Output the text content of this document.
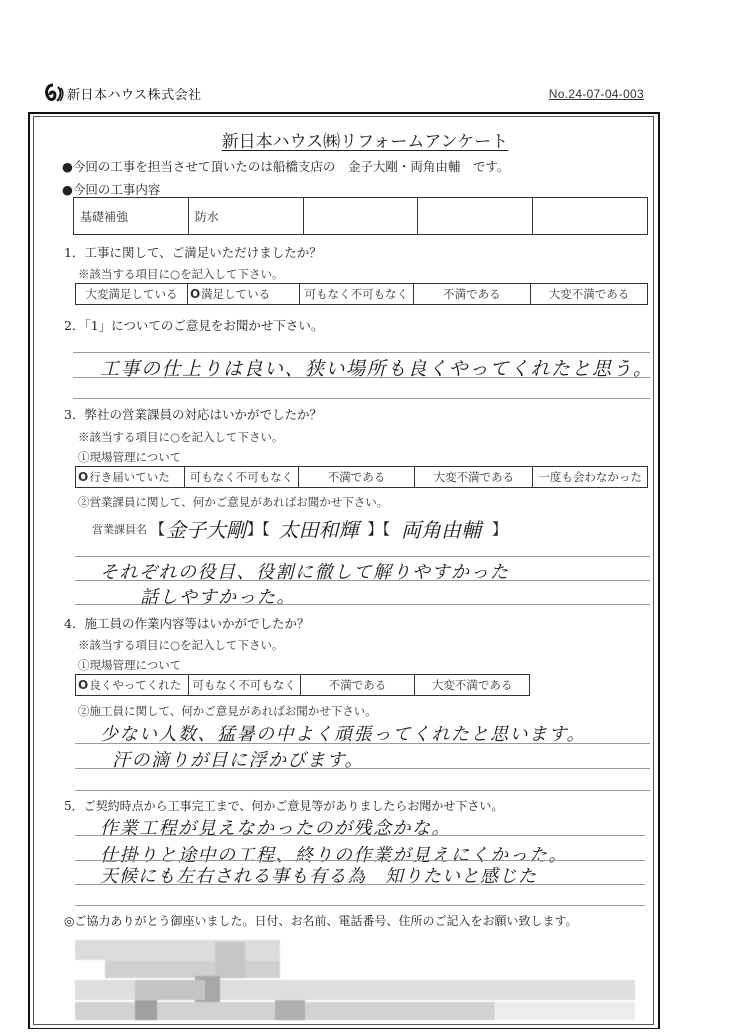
新日本ハウス株式会社	No.24-07-04-003
新日本ハウス㈱リフォームアンケート
●今回の工事を担当させて頂いたのは船橋支店の　金子大剛・両角由輔　です。
●今回の工事内容
基礎補強	防水			
1．工事に関して、ご満足いただけましたか？
※該当する項目に○を記入して下さい。
大変満足している	O満足している	可もなく不可もなく	不満である	大変不満である
2．「1」についてのご意見をお聞かせ下さい。
工事の仕上りは良い、狭い場所も良くやってくれたと思う。
3．弊社の営業課員の対応はいかがでしたか？
※該当する項目に○を記入して下さい。
①現場管理について
O行き届いていた	可もなく不可もなく	不満である	大変不満である	一度も会わなかった
②営業課員に関して、何かご意見があればお聞かせ下さい。
営業課員名 【 金子大剛 】【 太田和輝 】【 両角由輔 】
それぞれの役目、役割に徹して解りやすかった
話しやすかった。
4．施工員の作業内容等はいかがでしたか？
※該当する項目に○を記入して下さい。
①現場管理について
O良くやってくれた	可もなく不可もなく	不満である	大変不満である
②施工員に関して、何かご意見があればお聞かせ下さい。
少ない人数、猛暑の中よく頑張ってくれたと思います。
汗の滴りが目に浮かびます。
5．ご契約時点から工事完工まで、何かご意見等がありましたらお聞かせ下さい。
作業工程が見えなかったのが残念かな。
仕掛りと途中の工程、終りの作業が見えにくかった。
天候にも左右される事も有る為　知りたいと感じた
◎ご協力ありがとう御座いました。日付、お名前、電話番号、住所のご記入をお願い致します。
